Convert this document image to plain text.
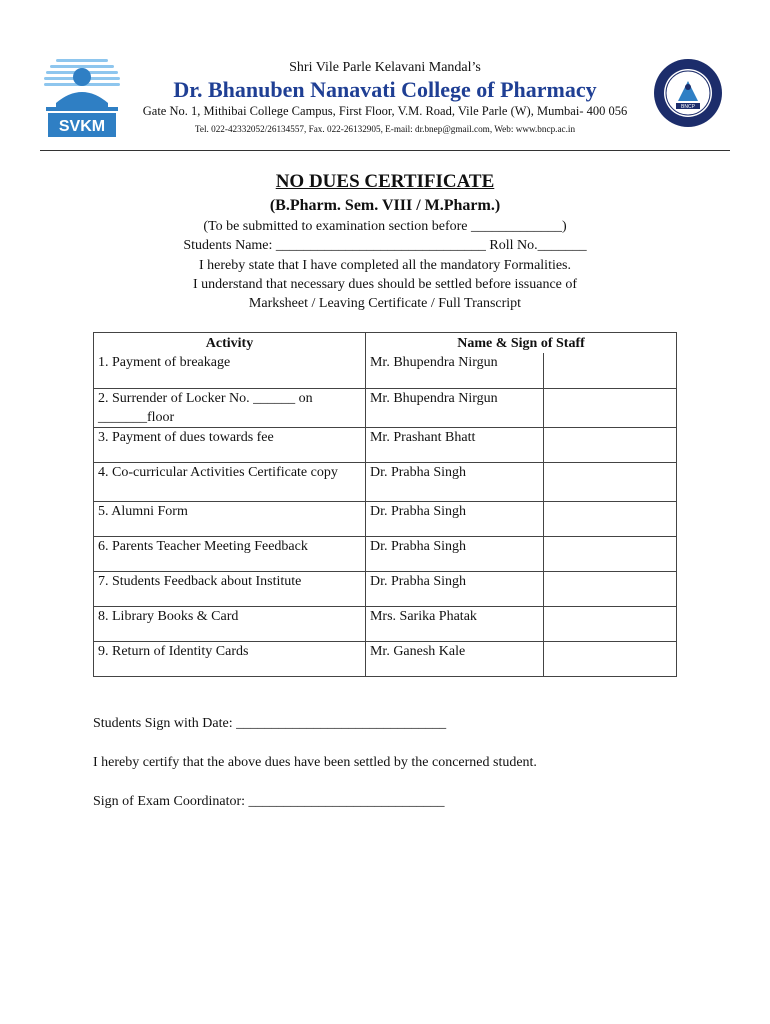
SVKM
BNCP
Shri Vile Parle Kelavani Mandal’s
Dr. Bhanuben Nanavati College of Pharmacy
Gate No. 1, Mithibai College Campus, First Floor, V.M. Road, Vile Parle (W), Mumbai- 400 056
Tel. 022-42332052/26134557, Fax. 022-26132905, E-mail: dr.bnep@gmail.com, Web: www.bncp.ac.in
NO DUES CERTIFICATE
(B.Pharm. Sem. VIII / M.Pharm.)
(To be submitted to examination section before _____________)
Students Name: ______________________________ Roll No._______
I hereby state that I have completed all the mandatory Formalities.
I understand that necessary dues should be settled before issuance of
Marksheet / Leaving Certificate / Full Transcript
Activity	Name & Sign of Staff	
1. Payment of breakage	Mr. Bhupendra Nirgun	
2. Surrender of Locker No. ______ on _______floor	Mr. Bhupendra Nirgun	
3. Payment of dues towards fee	Mr. Prashant Bhatt	
4. Co-curricular Activities Certificate copy	Dr. Prabha Singh	
5. Alumni Form	Dr. Prabha Singh	
6. Parents Teacher Meeting Feedback	Dr. Prabha Singh	
7. Students Feedback about Institute	Dr. Prabha Singh	
8. Library Books & Card	Mrs. Sarika Phatak	
9. Return of Identity Cards	Mr. Ganesh Kale	
Students Sign with Date: ______________________________
I hereby certify that the above dues have been settled by the concerned student.
Sign of Exam Coordinator: ____________________________
